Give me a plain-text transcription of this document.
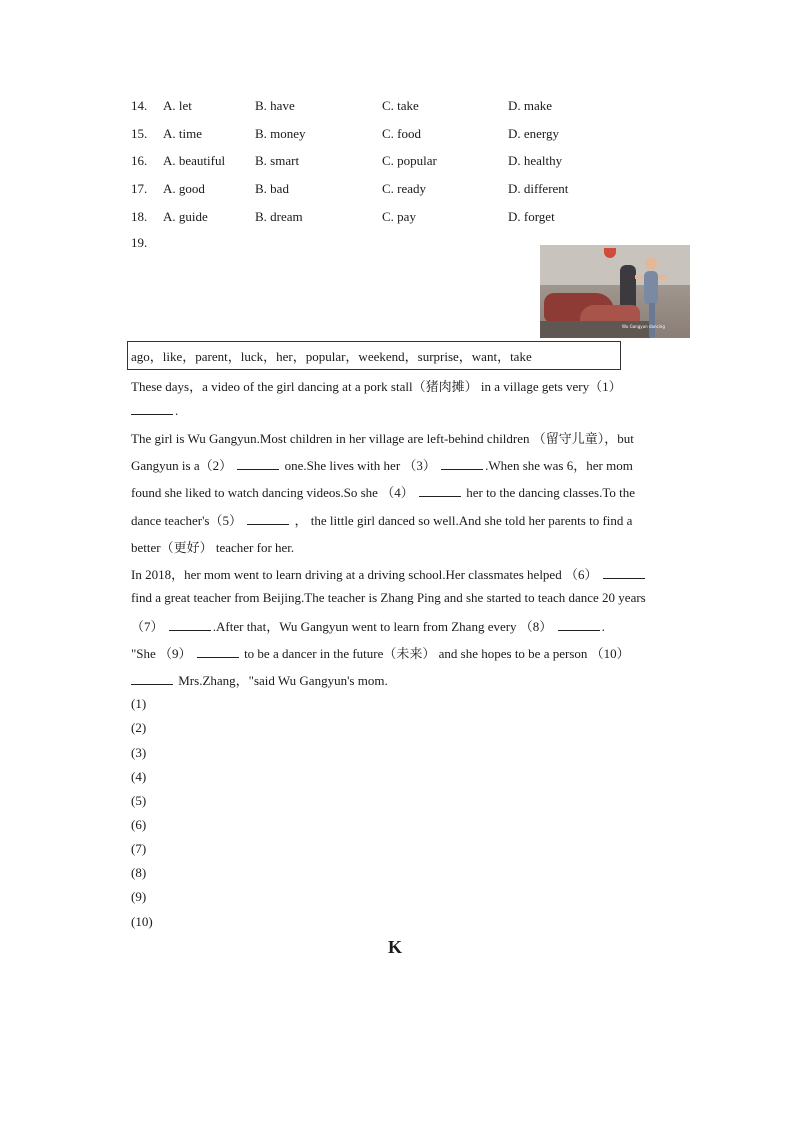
14. A. let	B. have	C. take	D. make
15. A. time	B. money	C. food	D. energy
16. A. beautiful B. smart	C. popular	D. healthy
17. A. good	B. bad	C. ready	D. different
18. A. guide	B. dream	C. pay	D. forget
19.
Wu Gangyun dancing
ago，like，parent，luck，her，popular，weekend，surprise，want，take
These days，a video of the girl dancing at a pork stall（猪肉摊） in a village gets very（1）
.
The girl is Wu Gangyun.Most children in her village are left-behind children （留守儿童），but
Gangyun is a（2）	one.She lives with her （3）	.When she was 6，her mom
found she liked to watch dancing videos.So she （4）	her to the dancing classes.To the
dance teacher's（5）	， the little girl danced so well.And she told her parents to find a
better（更好） teacher for her.
In 2018，her mom went to learn driving at a driving school.Her classmates helped （6）
find a great teacher from Beijing.The teacher is Zhang Ping and she started to teach dance 20 years
（7）	.After that，Wu Gangyun went to learn from Zhang every （8）	.
"She （9）	to be a dancer in the future（未来） and she hopes to be a person （10）
Mrs.Zhang，"said Wu Gangyun's mom.
(1)
(2)
(3)
(4)
(5)
(6)
(7)
(8)
(9)
(10)
K
